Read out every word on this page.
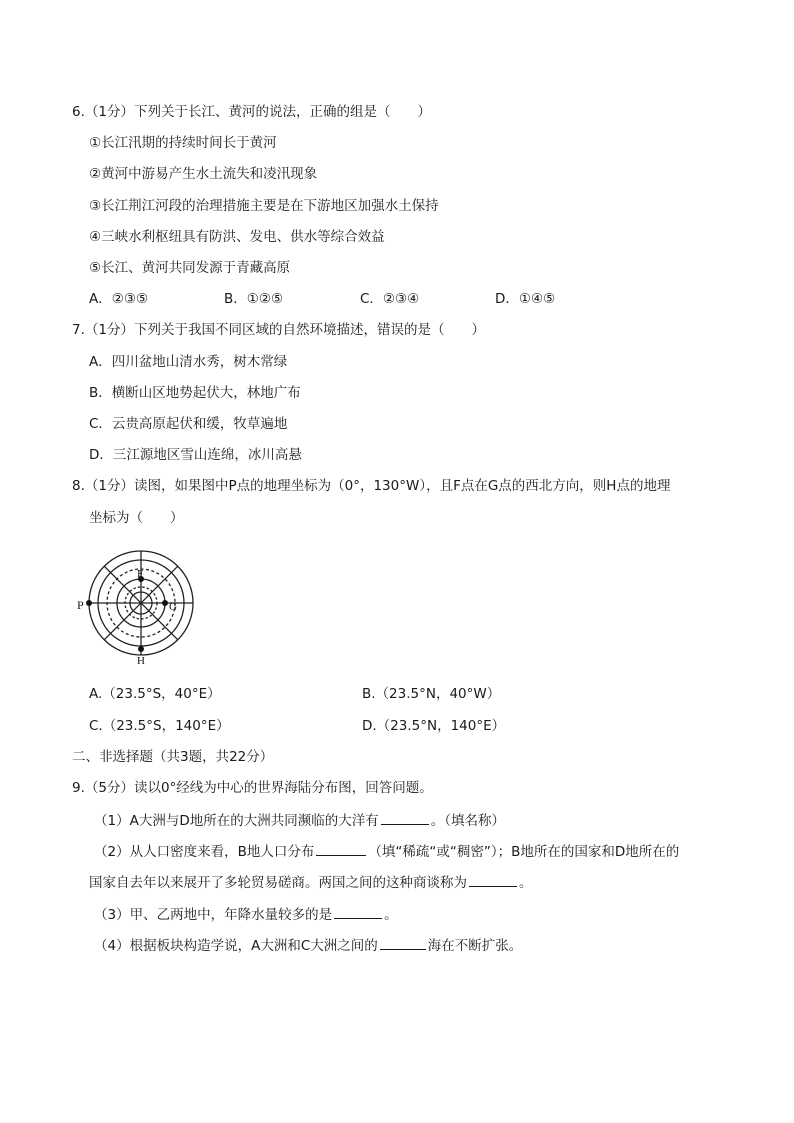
6.（1分）下列关于长江、黄河的说法，正确的组是（　　）
①长江汛期的持续时间长于黄河
②黄河中游易产生水土流失和凌汛现象
③长江荆江河段的治理措施主要是在下游地区加强水土保持
④三峡水利枢纽具有防洪、发电、供水等综合效益
⑤长江、黄河共同发源于青藏高原
A．②③⑤	B．①②⑤	C．②③④	D．①④⑤
7.（1分）下列关于我国不同区域的自然环境描述，错误的是（　　）
A．四川盆地山清水秀，树木常绿
B．横断山区地势起伏大，林地广布
C．云贵高原起伏和缓，牧草遍地
D．三江源地区雪山连绵，冰川高悬
8.（1分）读图，如果图中P点的地理坐标为（0°，130°W），且F点在G点的西北方向，则H点的地理
坐标为（　　）
F
G
H
P
A.（23.5°S，40°E）	B.（23.5°N，40°W）
C.（23.5°S，140°E）	D.（23.5°N，140°E）
二、非选择题（共3题，共22分）
9.（5分）读以0°经线为中心的世界海陆分布图，回答问题。
（1）A大洲与D地所在的大洲共同濒临的大洋有	。（填名称）
（2）从人口密度来看，B地人口分布	（填“稀疏“或“稠密”）；B地所在的国家和D地所在的
国家自去年以来展开了多轮贸易磋商。两国之间的这种商谈称为	。
（3）甲、乙两地中，年降水量较多的是	。
（4）根据板块构造学说，A大洲和C大洲之间的	海在不断扩张。
